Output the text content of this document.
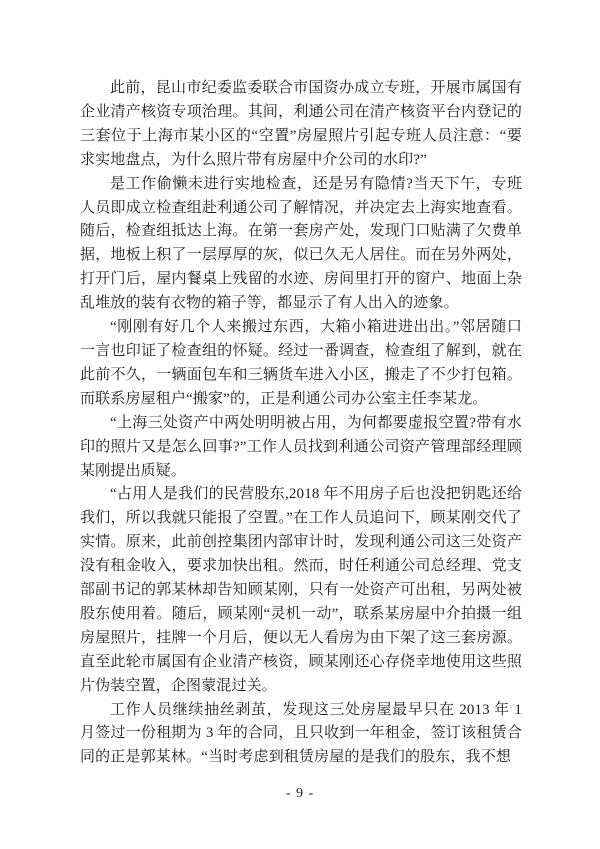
此前，昆山市纪委监委联合市国资办成立专班，开展市属国有企业清产核资专项治理。其间，利通公司在清产核资平台内登记的三套位于上海市某小区的“空置”房屋照片引起专班人员注意：“要求实地盘点，为什么照片带有房屋中介公司的水印?”

是工作偷懒未进行实地检查，还是另有隐情?当天下午，专班人员即成立检查组赴利通公司了解情况，并决定去上海实地查看。随后，检查组抵达上海。在第一套房产处，发现门口贴满了欠费单据，地板上积了一层厚厚的灰，似已久无人居住。而在另外两处，打开门后，屋内餐桌上残留的水迹、房间里打开的窗户、地面上杂乱堆放的装有衣物的箱子等，都显示了有人出入的迹象。

“刚刚有好几个人来搬过东西，大箱小箱进进出出。”邻居随口一言也印证了检查组的怀疑。经过一番调查，检查组了解到，就在此前不久，一辆面包车和三辆货车进入小区，搬走了不少打包箱。而联系房屋租户“搬家”的，正是利通公司办公室主任李某龙。

“上海三处资产中两处明明被占用，为何都要虚报空置?带有水印的照片又是怎么回事?”工作人员找到利通公司资产管理部经理顾某刚提出质疑。

“占用人是我们的民营股东,2018 年不用房子后也没把钥匙还给我们，所以我就只能报了空置。”在工作人员追问下，顾某刚交代了实情。原来，此前创控集团内部审计时，发现利通公司这三处资产没有租金收入，要求加快出租。然而，时任利通公司总经理、党支部副书记的郭某林却告知顾某刚，只有一处资产可出租，另两处被股东使用着。随后，顾某刚“灵机一动”，联系某房屋中介拍摄一组房屋照片，挂牌一个月后，便以无人看房为由下架了这三套房源。直至此轮市属国有企业清产核资，顾某刚还心存侥幸地使用这些照片伪装空置，企图蒙混过关。

工作人员继续抽丝剥茧，发现这三处房屋最早只在 2013 年 1 月签过一份租期为 3 年的合同，且只收到一年租金，签订该租赁合同的正是郭某林。“当时考虑到租赁房屋的是我们的股东，我不想

- 9 -
